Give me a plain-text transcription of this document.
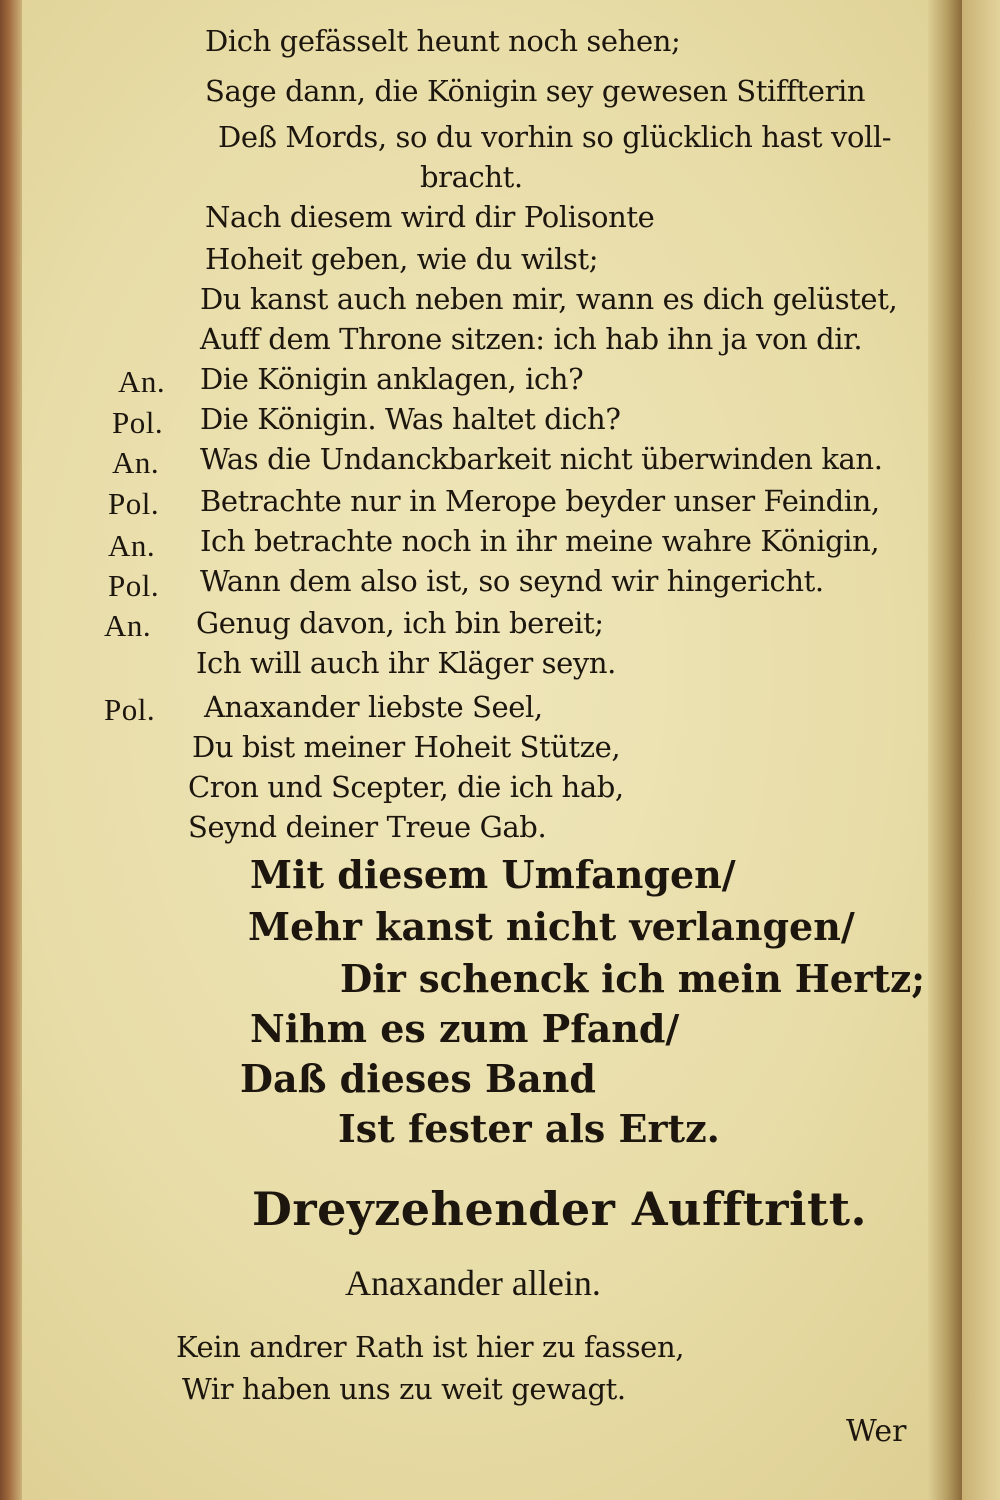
Dich gefässelt heunt noch sehen;
Sage dann, die Königin sey gewesen Stiffterin
Deß Mords, so du vorhin so glücklich hast voll-
bracht.
Nach diesem wird dir Polisonte
Hoheit geben, wie du wilst;
Du kanst auch neben mir, wann es dich gelüstet,
Auff dem Throne sitzen: ich hab ihn ja von dir.
An. Die Königin anklagen, ich?
Pol. Die Königin. Was haltet dich?
An. Was die Undanckbarkeit nicht überwinden kan.
Pol. Betrachte nur in Merope beyder unser Feindin,
An. Ich betrachte noch in ihr meine wahre Königin,
Pol. Wann dem also ist, so seynd wir hingericht.
An. Genug davon, ich bin bereit;
Ich will auch ihr Kläger seyn.
Pol. Anaxander liebste Seel,
Du bist meiner Hoheit Stütze,
Cron und Scepter, die ich hab,
Seynd deiner Treue Gab.
Mit diesem Umfangen/
Mehr kanst nicht verlangen/
Dir schenck ich mein Hertz;
Nihm es zum Pfand/
Daß dieses Band
Ist fester als Ertz.
Dreyzehender Aufftritt.
Anaxander allein.
Kein andrer Rath ist hier zu fassen,
Wir haben uns zu weit gewagt.
Wer
